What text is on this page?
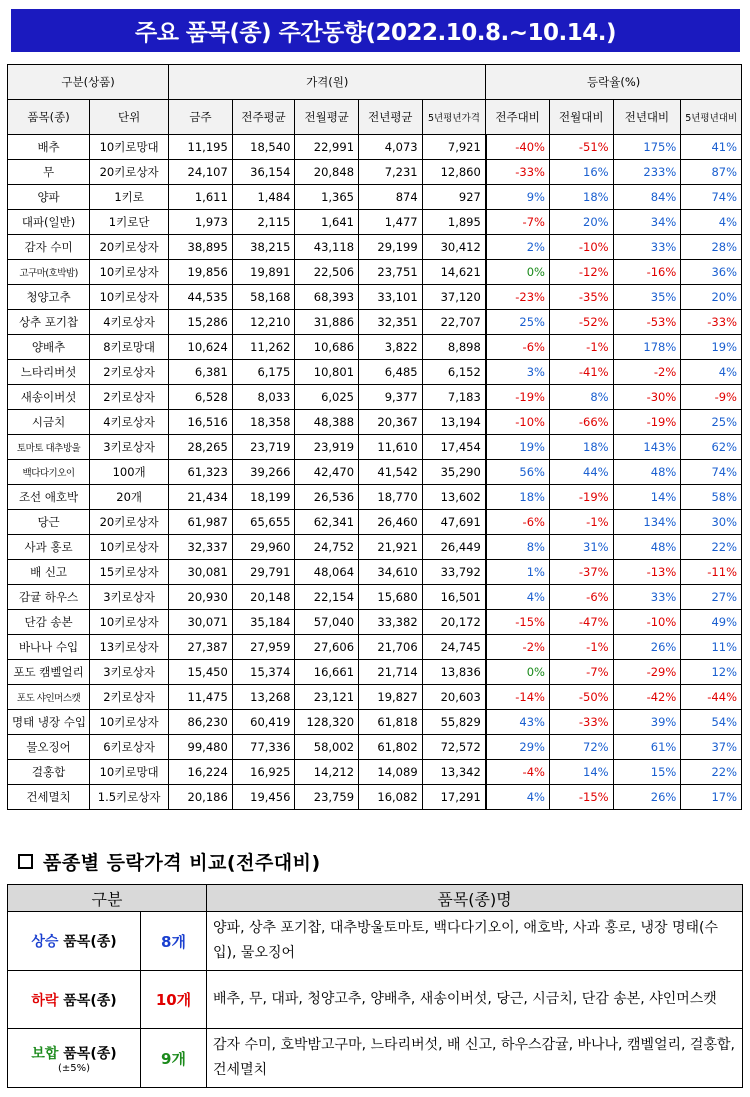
주요 품목(종) 주간동향(2022.10.8.~10.14.)
구분(상품)		가격(원)					등락율(%)			
품목(종)	단위	금주	전주평균	전월평균	전년평균	5년평년가격	전주대비	전월대비	전년대비	5년평년대비
배추	10키로망대	11,195	18,540	22,991	4,073	7,921	-40%	-51%	175%	41%
무	20키로상자	24,107	36,154	20,848	7,231	12,860	-33%	16%	233%	87%
양파	1키로	1,611	1,484	1,365	874	927	9%	18%	84%	74%
대파(일반)	1키로단	1,973	2,115	1,641	1,477	1,895	-7%	20%	34%	4%
감자 수미	20키로상자	38,895	38,215	43,118	29,199	30,412	2%	-10%	33%	28%
고구마(호박밤)	10키로상자	19,856	19,891	22,506	23,751	14,621	0%	-12%	-16%	36%
청양고추	10키로상자	44,535	58,168	68,393	33,101	37,120	-23%	-35%	35%	20%
상추 포기찹	4키로상자	15,286	12,210	31,886	32,351	22,707	25%	-52%	-53%	-33%
양배추	8키로망대	10,624	11,262	10,686	3,822	8,898	-6%	-1%	178%	19%
느타리버섯	2키로상자	6,381	6,175	10,801	6,485	6,152	3%	-41%	-2%	4%
새송이버섯	2키로상자	6,528	8,033	6,025	9,377	7,183	-19%	8%	-30%	-9%
시금치	4키로상자	16,516	18,358	48,388	20,367	13,194	-10%	-66%	-19%	25%
토마토 대추방울	3키로상자	28,265	23,719	23,919	11,610	17,454	19%	18%	143%	62%
백다다기오이	100개	61,323	39,266	42,470	41,542	35,290	56%	44%	48%	74%
조선 애호박	20개	21,434	18,199	26,536	18,770	13,602	18%	-19%	14%	58%
당근	20키로상자	61,987	65,655	62,341	26,460	47,691	-6%	-1%	134%	30%
사과 홍로	10키로상자	32,337	29,960	24,752	21,921	26,449	8%	31%	48%	22%
배 신고	15키로상자	30,081	29,791	48,064	34,610	33,792	1%	-37%	-13%	-11%
감귤 하우스	3키로상자	20,930	20,148	22,154	15,680	16,501	4%	-6%	33%	27%
단감 송본	10키로상자	30,071	35,184	57,040	33,382	20,172	-15%	-47%	-10%	49%
바나나 수입	13키로상자	27,387	27,959	27,606	21,706	24,745	-2%	-1%	26%	11%
포도 캠벨얼리	3키로상자	15,450	15,374	16,661	21,714	13,836	0%	-7%	-29%	12%
포도 샤인머스캣	2키로상자	11,475	13,268	23,121	19,827	20,603	-14%	-50%	-42%	-44%
명태 냉장 수입	10키로상자	86,230	60,419	128,320	61,818	55,829	43%	-33%	39%	54%
물오징어	6키로상자	99,480	77,336	58,002	61,802	72,572	29%	72%	61%	37%
걸홍합	10키로망대	16,224	16,925	14,212	14,089	13,342	-4%	14%	15%	22%
건세멸치	1.5키로상자	20,186	19,456	23,759	16,082	17,291	4%	-15%	26%	17%
품종별 등락가격 비교(전주대비)
구분		품목(종)명
상승 품목(종)	8개	양파, 상추 포기찹, 대추방울토마토, 백다다기오이, 애호박, 사과 홍로, 냉장 명태(수입), 물오징어
하락 품목(종)	10개	배추, 무, 대파, 청양고추, 양배추, 새송이버섯, 당근, 시금치, 단감 송본, 샤인머스캣
보합 품목(종)
(±5%)	9개	감자 수미, 호박밤고구마, 느타리버섯, 배 신고, 하우스감귤, 바나나, 캠벨얼리, 걸홍합, 건세멸치
